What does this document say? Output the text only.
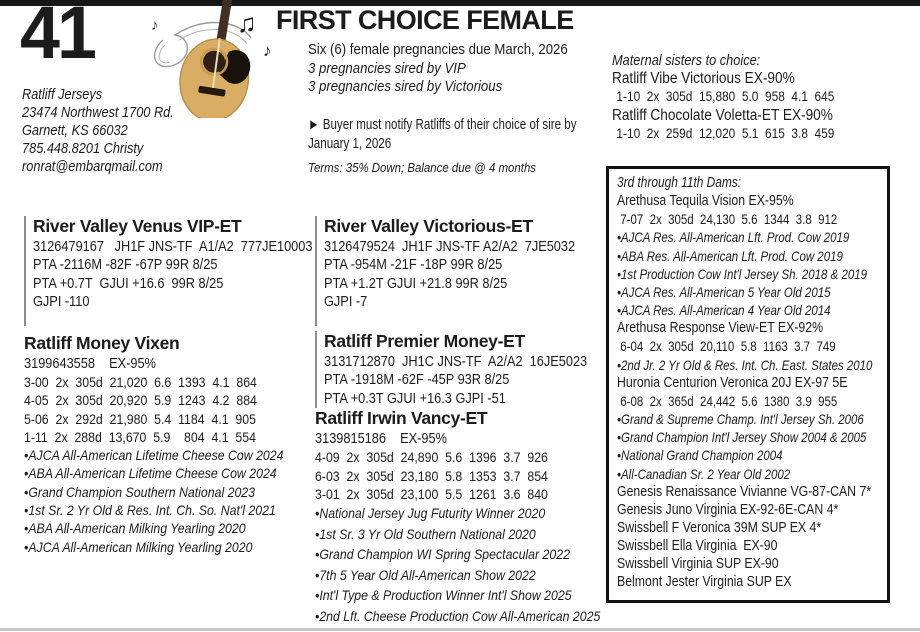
41	♫
♪
♪	FIRST CHOICE FEMALE
Ratliff Jerseys
23474 Northwest 1700 Rd.
Garnett, KS 66032
785.448.8201 Christy
ronrat@embarqmail.com
Six (6) female pregnancies due March, 2026
3 pregnancies sired by VIP
3 pregnancies sired by Victorious
► Buyer must notify Ratliffs of their choice of sire by
January 1, 2026
Terms: 35% Down; Balance due @ 4 months
Maternal sisters to choice:
Ratliff Vibe Victorious EX-90%
1-10  2x  305d  15,880  5.0  958  4.1  645
Ratliff Chocolate Voletta-ET EX-90%
1-10  2x  259d  12,020  5.1  615  3.8  459
River Valley Venus VIP-ET
3126479167   JH1F JNS-TF  A1/A2  777JE10003
PTA -2116M -82F -67P 99R 8/25
PTA +0.7T  GJUI +16.6  99R 8/25
GJPI -110
River Valley Victorious-ET
3126479524  JH1F JNS-TF A2/A2  7JE5032
PTA -954M -21F -18P 99R 8/25
PTA +1.2T GJUI +21.8 99R 8/25
GJPI -7
Ratliff Money Vixen
3199643558    EX-95%
3-00  2x  305d  21,020  6.6  1393  4.1  864
4-05  2x  305d  20,920  5.9  1243  4.2  884
5-06  2x  292d  21,980  5.4  1184  4.1  905
1-11  2x  288d  13,670  5.9    804  4.1  554
•AJCA All-American Lifetime Cheese Cow 2024
•ABA All-American Lifetime Cheese Cow 2024
•Grand Champion Southern National 2023
•1st Sr. 2 Yr Old & Res. Int. Ch. So. Nat'l 2021
•ABA All-American Milking Yearling 2020
•AJCA All-American Milking Yearling 2020
Ratliff Premier Money-ET
3131712870  JH1C JNS-TF  A2/A2  16JE5023
PTA -1918M -62F -45P 93R 8/25
PTA +0.3T GJUI +16.3 GJPI -51
Ratliff Irwin Vancy-ET
3139815186    EX-95%
4-09  2x  305d  24,890  5.6  1396  3.7  926
6-03  2x  305d  23,180  5.8  1353  3.7  854
3-01  2x  305d  23,100  5.5  1261  3.6  840
•National Jersey Jug Futurity Winner 2020
•1st Sr. 3 Yr Old Southern National 2020
•Grand Champion WI Spring Spectacular 2022
•7th 5 Year Old All-American Show 2022
•Int'l Type & Production Winner Int'l Show 2025
•2nd Lft. Cheese Production Cow All-American 2025
3rd through 11th Dams:
Arethusa Tequila Vision EX-95%
7-07  2x  305d  24,130  5.6  1344  3.8  912
•AJCA Res. All-American Lft. Prod. Cow 2019
•ABA Res. All-American Lft. Prod. Cow 2019
•1st Production Cow Int'l Jersey Sh. 2018 & 2019
•AJCA Res. All-American 5 Year Old 2015
•AJCA Res. All-American 4 Year Old 2014
Arethusa Response View-ET EX-92%
6-04  2x  305d  20,110  5.8  1163  3.7  749
•2nd Jr. 2 Yr Old & Res. Int. Ch. East. States 2010
Huronia Centurion Veronica 20J EX-97 5E
6-08  2x  365d  24,442  5.6  1380  3.9  955
•Grand & Supreme Champ. Int'l Jersey Sh. 2006
•Grand Champion Int'l Jersey Show 2004 & 2005
•National Grand Champion 2004
•All-Canadian Sr. 2 Year Old 2002
Genesis Renaissance Vivianne VG-87-CAN 7*
Genesis Juno Virginia EX-92-6E-CAN 4*
Swissbell F Veronica 39M SUP EX 4*
Swissbell Ella Virginia  EX-90
Swissbell Virginia SUP EX-90
Belmont Jester Virginia SUP EX
